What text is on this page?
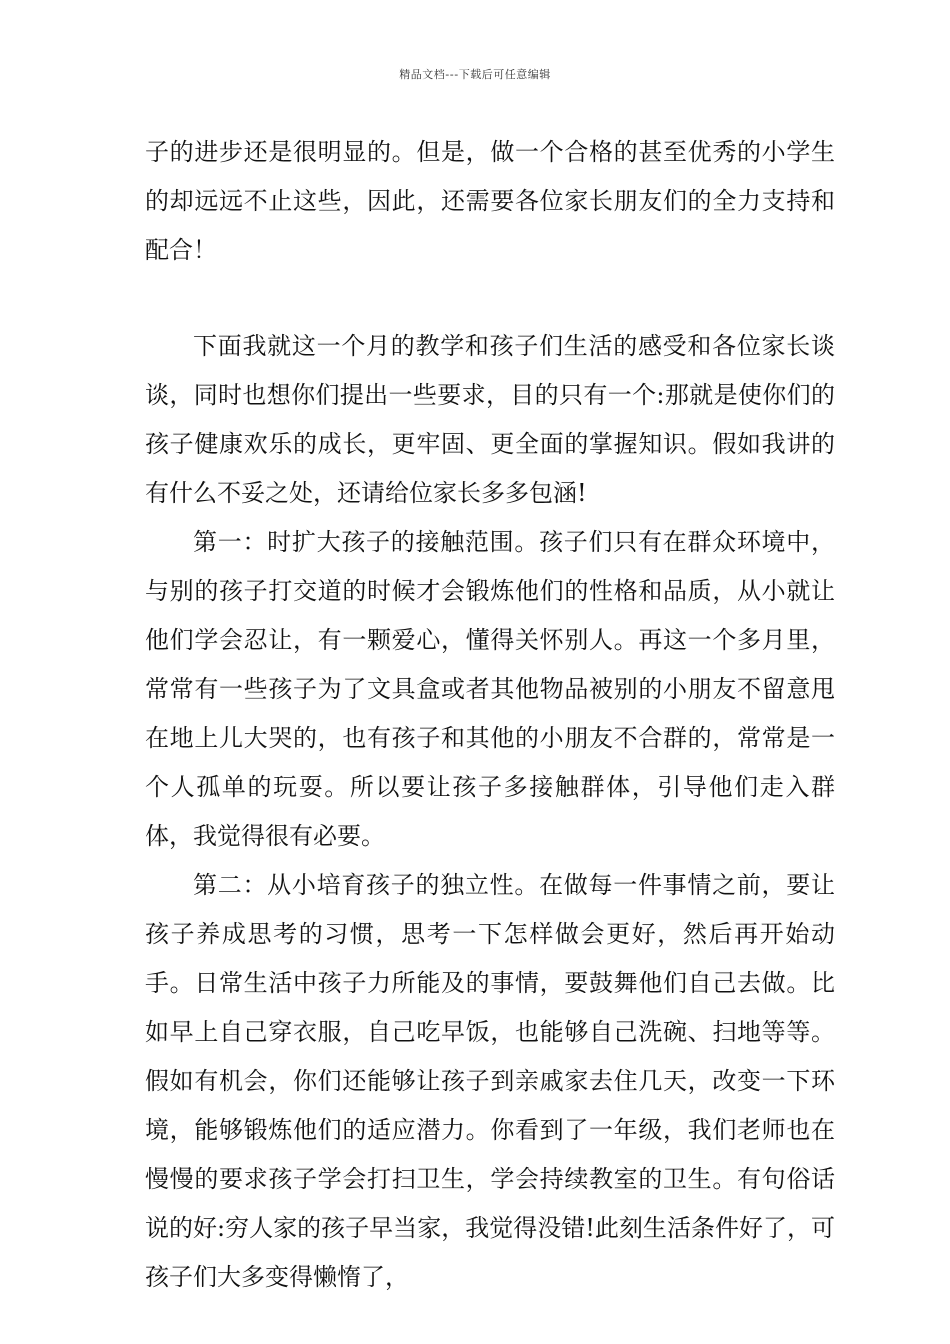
精品文档---下载后可任意编辑

子的进步还是很明显的。但是，做一个合格的甚至优秀的小学生的却远远不止这些，因此，还需要各位家长朋友们的全力支持和配合！

下面我就这一个月的教学和孩子们生活的感受和各位家长谈谈，同时也想你们提出一些要求，目的只有一个:那就是使你们的孩子健康欢乐的成长，更牢固、更全面的掌握知识。假如我讲的有什么不妥之处，还请给位家长多多包涵!

第一：时扩大孩子的接触范围。孩子们只有在群众环境中，与别的孩子打交道的时候才会锻炼他们的性格和品质，从小就让他们学会忍让，有一颗爱心，懂得关怀别人。再这一个多月里，常常有一些孩子为了文具盒或者其他物品被别的小朋友不留意甩在地上儿大哭的，也有孩子和其他的小朋友不合群的，常常是一个人孤单的玩耍。所以要让孩子多接触群体，引导他们走入群体，我觉得很有必要。

第二：从小培育孩子的独立性。在做每一件事情之前，要让孩子养成思考的习惯，思考一下怎样做会更好，然后再开始动手。日常生活中孩子力所能及的事情，要鼓舞他们自己去做。比如早上自己穿衣服，自己吃早饭，也能够自己洗碗、扫地等等。假如有机会，你们还能够让孩子到亲戚家去住几天，改变一下环境，能够锻炼他们的适应潜力。你看到了一年级，我们老师也在慢慢的要求孩子学会打扫卫生，学会持续教室的卫生。有句俗话说的好:穷人家的孩子早当家，我觉得没错!此刻生活条件好了，可孩子们大多变得懒惰了，
